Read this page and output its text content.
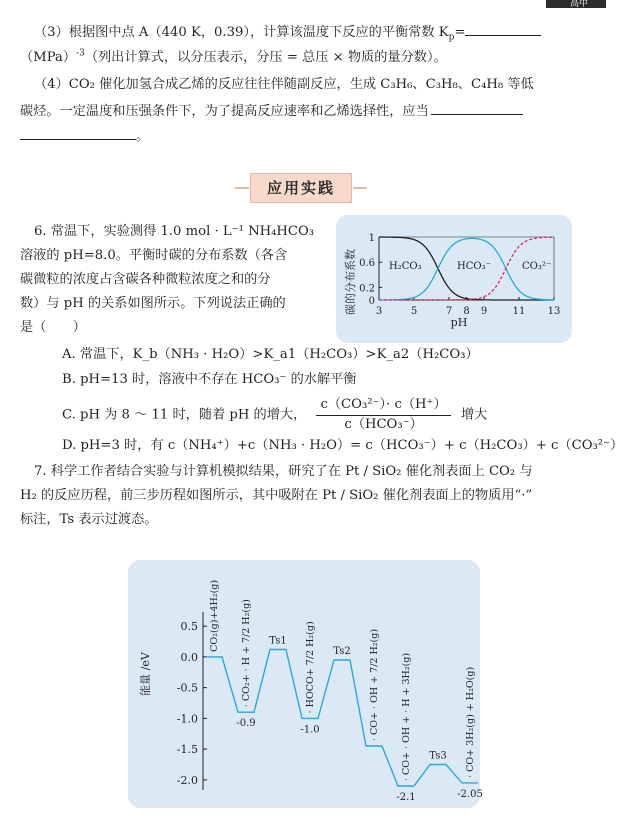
高中
（3）根据图中点 A（440 K，0.39），计算该温度下反应的平衡常数 $K_p=$
（MPa）$^{-3}$（列出计算式，以分压表示，分压 = 总压 × 物质的量分数）。
（4）CO₂ 催化加氢合成乙烯的反应往往伴随副反应，生成 C₃H₆、C₃H₈、C₄H₈ 等低
碳烃。一定温度和压强条件下，为了提高反应速率和乙烯选择性，应当
。
应用实践
6. 常温下，实验测得 1.0 mol · L⁻¹ NH₄HCO₃
溶液的 pH=8.0。平衡时碳的分布系数（各含
碳微粒的浓度占含碳各种微粒浓度之和的分
数）与 pH 的关系如图所示。下列说法正确的
是（　　）
碳的分布系数 0
0.2
0.6
1
3	5	7 8 9	11 13
H₂CO₃	HCO₃⁻	CO₃²⁻
pH
A. 常温下，K_b（NH₃ · H₂O）>K_a1（H₂CO₃）>K_a2（H₂CO₃）
B. pH=13 时，溶液中不存在 HCO₃⁻ 的水解平衡
C. pH 为 8 ～ 11 时，随着 pH 的增大， $\frac{\text{c（CO₃²⁻）· c（H⁺）}}{\text{c（HCO₃⁻）}}$ 增大
D. pH=3 时，有 c（NH₄⁺）+c（NH₃ · H₂O）= c（HCO₃⁻）+ c（H₂CO₃）+ c（CO₃²⁻）
7. 科学工作者结合实验与计算机模拟结果，研究了在 Pt / SiO₂ 催化剂表面上 CO₂ 与
H₂ 的反应历程，前三步历程如图所示，其中吸附在 Pt / SiO₂ 催化剂表面上的物质用“·”
标注，Ts 表示过渡态。
能量 /eV
0.5
0.0
-0.5
-1.0
-1.5
-2.0
CO₂(g)+4H₂(g) · CO₂+ · H + 7/2 H₂(g) Ts1 · HOCO+ 7/2 H₂(g) Ts2 · CO+ · OH + 7/2 H₂(g) · CO+ · OH + · H + 3H₂(g) Ts3 · CO+ 3H₂(g) + H₂O(g)
-0.9
-1.0
-2.1	-2.05
